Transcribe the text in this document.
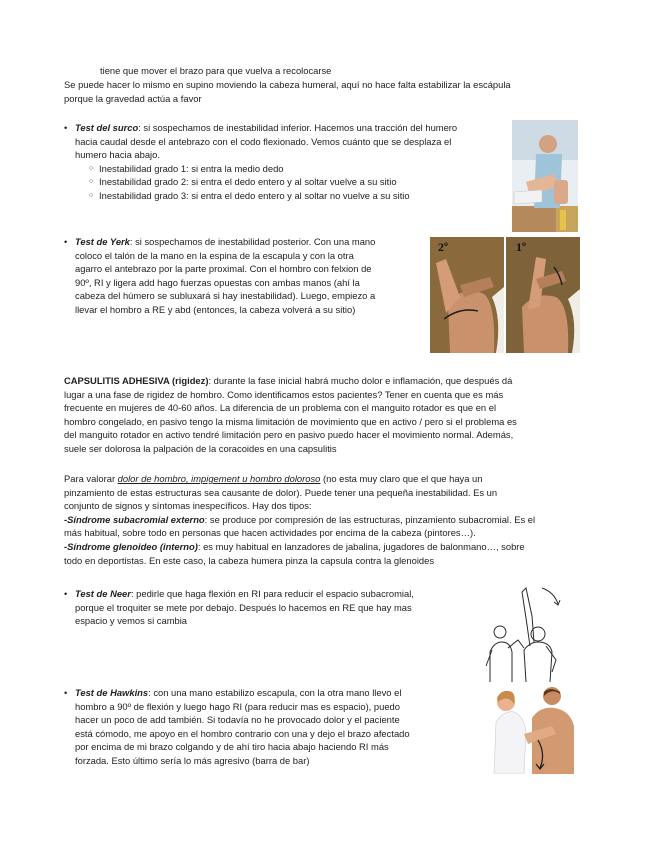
tiene que mover el brazo para que vuelva a recolocarse

Se puede hacer lo mismo en supino moviendo la cabeza humeral, aquí no hace falta estabilizar la escápula

porque la gravedad actúa a favor

• Test del surco: si sospechamos de inestabilidad inferior. Hacemos una tracción del humero

hacia caudal desde el antebrazo con el codo flexionado. Vemos cuánto que se desplaza el

humero hacia abajo.

○ Inestabilidad grado 1: si entra la medio dedo

○ Inestabilidad grado 2: si entra el dedo entero y al soltar vuelve a su sitio

○ Inestabilidad grado 3: si entra el dedo entero y al soltar no vuelve a su sitio

• Test de Yerk: si sospechamos de inestabilidad posterior. Con una mano

coloco el talón de la mano en la espina de la escapula y con la otra

agarro el antebrazo por la parte proximal. Con el hombro con felxion de

90º, RI y ligera add hago fuerzas opuestas con ambas manos (ahí la

cabeza del húmero se subluxará si hay inestabilidad). Luego, empiezo a

llevar el hombro a RE y abd (entonces, la cabeza volverá a su sitio)

2º	1º

CAPSULITIS ADHESIVA (rigidez): durante la fase inicial habrá mucho dolor e inflamación, que después dá

lugar a una fase de rigidez de hombro. Como identificamos estos pacientes? Tener en cuenta que es más

frecuente en mujeres de 40-60 años. La diferencia de un problema con el manguito rotador es que en el

hombro congelado, en pasivo tengo la misma limitación de movimiento que en activo / pero si el problema es

del manguito rotador en activo tendré limitación pero en pasivo puedo hacer el movimiento normal. Además,

suele ser dolorosa la palpación de la coracoides en una capsulitis

Para valorar dolor de hombro, impigement u hombro doloroso (no esta muy claro que el que haya un

pinzamiento de estas estructuras sea causante de dolor). Puede tener una pequeña inestabilidad. Es un

conjunto de signos y síntomas inespecíficos. Hay dos tipos:

-Síndrome subacromial externo: se produce por compresión de las estructuras, pinzamiento subacromial. Es el

más habitual, sobre todo en personas que hacen actividades por encima de la cabeza (pintores…).

-Síndrome glenoideo (interno): es muy habitual en lanzadores de jabalina, jugadores de balonmano…, sobre

todo en deportistas. En este caso, la cabeza humera pinza la capsula contra la glenoides

• Test de Neer: pedirle que haga flexión en RI para reducir el espacio subacromial,

porque el troquiter se mete por debajo. Después lo hacemos en RE que hay mas

espacio y vemos si cambia

• Test de Hawkins: con una mano estabilizo escapula, con la otra mano llevo el

hombro a 90º de flexión y luego hago RI (para reducir mas es espacio), puedo

hacer un poco de add también. Si todavía no he provocado dolor y el paciente

está cómodo, me apoyo en el hombro contrario con una y dejo el brazo afectado

por encima de mi brazo colgando y de ahí tiro hacia abajo haciendo RI más

forzada. Esto último sería lo más agresivo (barra de bar)
